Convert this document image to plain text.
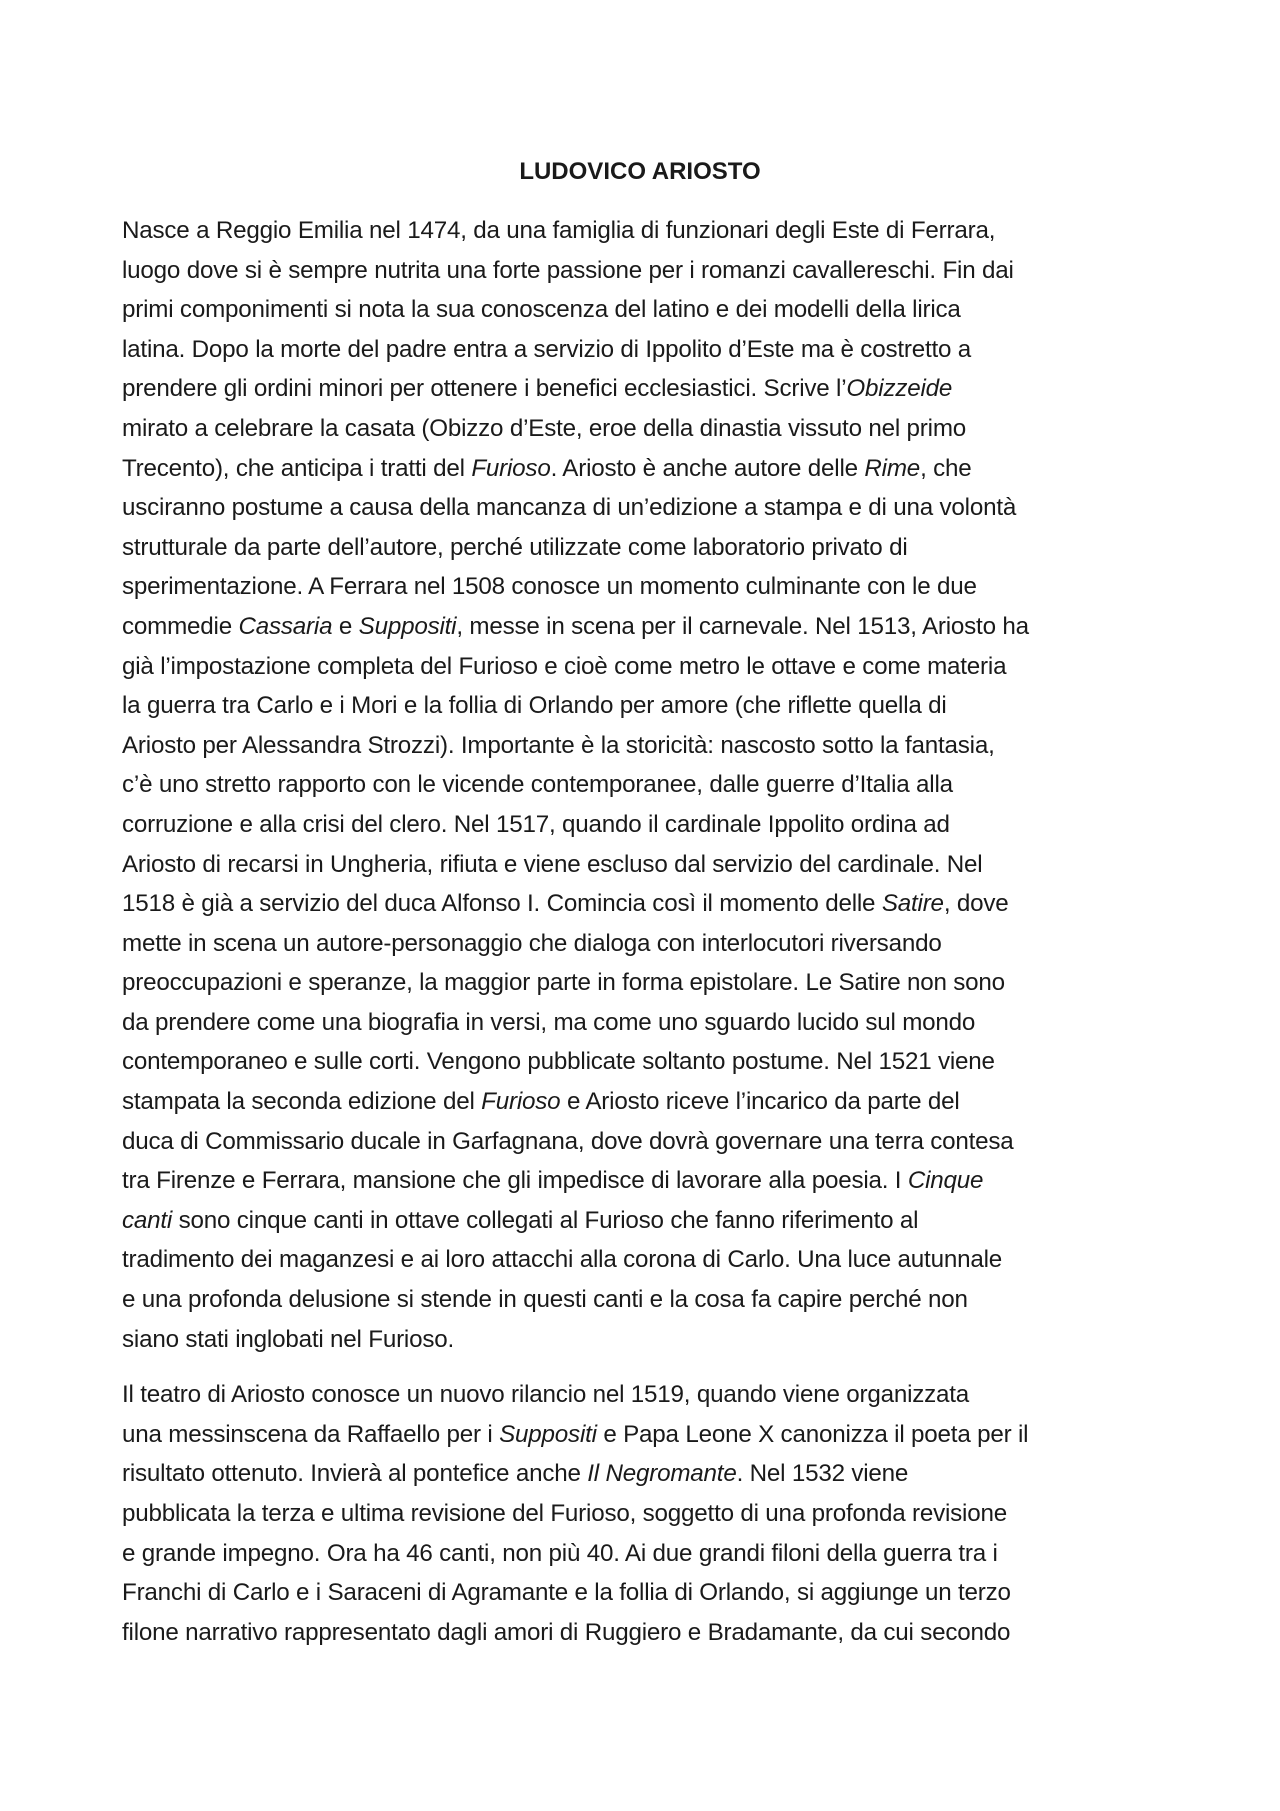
LUDOVICO ARIOSTO

Nasce a Reggio Emilia nel 1474, da una famiglia di funzionari degli Este di Ferrara,
luogo dove si è sempre nutrita una forte passione per i romanzi cavallereschi. Fin dai
primi componimenti si nota la sua conoscenza del latino e dei modelli della lirica
latina. Dopo la morte del padre entra a servizio di Ippolito d’Este ma è costretto a
prendere gli ordini minori per ottenere i benefici ecclesiastici. Scrive l’Obizzeide
mirato a celebrare la casata (Obizzo d’Este, eroe della dinastia vissuto nel primo
Trecento), che anticipa i tratti del Furioso. Ariosto è anche autore delle Rime, che
usciranno postume a causa della mancanza di un’edizione a stampa e di una volontà
strutturale da parte dell’autore, perché utilizzate come laboratorio privato di
sperimentazione. A Ferrara nel 1508 conosce un momento culminante con le due
commedie Cassaria e Suppositi, messe in scena per il carnevale. Nel 1513, Ariosto ha
già l’impostazione completa del Furioso e cioè come metro le ottave e come materia
la guerra tra Carlo e i Mori e la follia di Orlando per amore (che riflette quella di
Ariosto per Alessandra Strozzi). Importante è la storicità: nascosto sotto la fantasia,
c’è uno stretto rapporto con le vicende contemporanee, dalle guerre d’Italia alla
corruzione e alla crisi del clero. Nel 1517, quando il cardinale Ippolito ordina ad
Ariosto di recarsi in Ungheria, rifiuta e viene escluso dal servizio del cardinale. Nel
1518 è già a servizio del duca Alfonso I. Comincia così il momento delle Satire, dove
mette in scena un autore-personaggio che dialoga con interlocutori riversando
preoccupazioni e speranze, la maggior parte in forma epistolare. Le Satire non sono
da prendere come una biografia in versi, ma come uno sguardo lucido sul mondo
contemporaneo e sulle corti. Vengono pubblicate soltanto postume. Nel 1521 viene
stampata la seconda edizione del Furioso e Ariosto riceve l’incarico da parte del
duca di Commissario ducale in Garfagnana, dove dovrà governare una terra contesa
tra Firenze e Ferrara, mansione che gli impedisce di lavorare alla poesia. I Cinque
canti sono cinque canti in ottave collegati al Furioso che fanno riferimento al
tradimento dei maganzesi e ai loro attacchi alla corona di Carlo. Una luce autunnale
e una profonda delusione si stende in questi canti e la cosa fa capire perché non
siano stati inglobati nel Furioso.

Il teatro di Ariosto conosce un nuovo rilancio nel 1519, quando viene organizzata
una messinscena da Raffaello per i Suppositi e Papa Leone X canonizza il poeta per il
risultato ottenuto. Invierà al pontefice anche Il Negromante. Nel 1532 viene
pubblicata la terza e ultima revisione del Furioso, soggetto di una profonda revisione
e grande impegno. Ora ha 46 canti, non più 40. Ai due grandi filoni della guerra tra i
Franchi di Carlo e i Saraceni di Agramante e la follia di Orlando, si aggiunge un terzo
filone narrativo rappresentato dagli amori di Ruggiero e Bradamante, da cui secondo
